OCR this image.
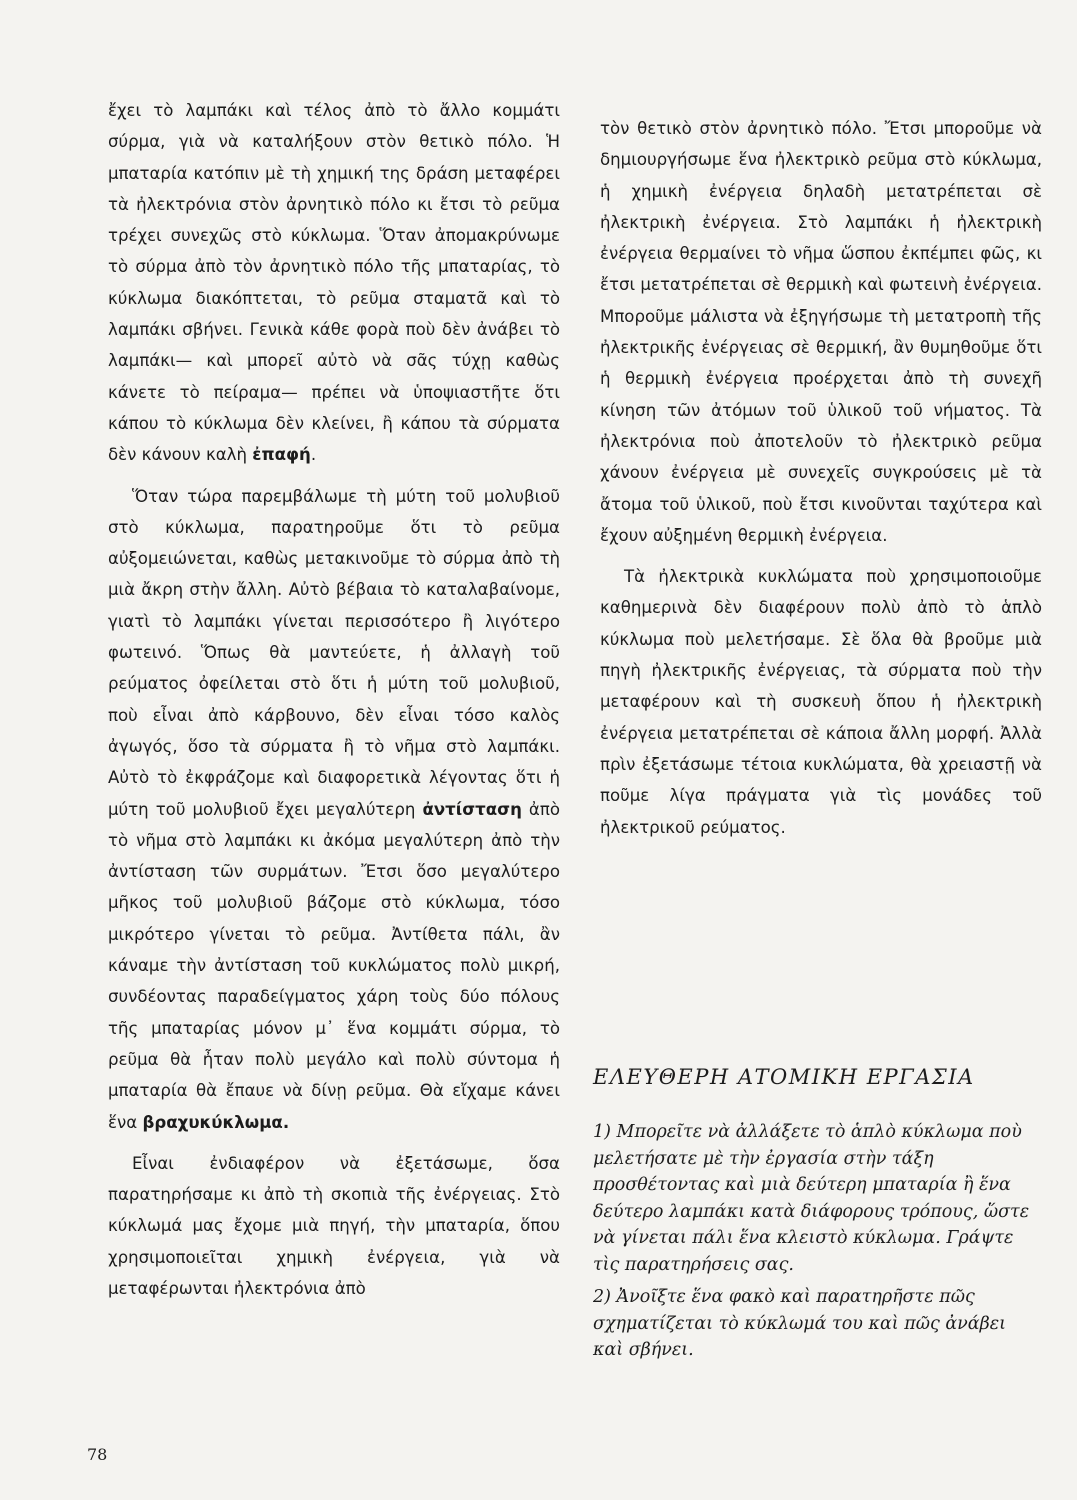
ἔχει τὸ λαμπάκι καὶ τέλος ἀπὸ τὸ ἄλλο κομμάτι σύρμα, γιὰ νὰ καταλήξουν στὸν θετικὸ πόλο. Ἡ μπαταρία κατόπιν μὲ τὴ χημική της δράση μεταφέρει τὰ ἠλεκτρόνια στὸν ἀρνητικὸ πόλο κι ἔτσι τὸ ρεῦμα τρέχει συνεχῶς στὸ κύκλωμα. Ὅταν ἀπομακρύνωμε τὸ σύρμα ἀπὸ τὸν ἀρνητικὸ πόλο τῆς μπαταρίας, τὸ κύκλωμα διακόπτεται, τὸ ρεῦμα σταματᾶ καὶ τὸ λαμπάκι σβήνει. Γενικὰ κάθε φορὰ ποὺ δὲν ἀνάβει τὸ λαμπάκι— καὶ μπορεῖ αὐτὸ νὰ σᾶς τύχῃ καθὼς κάνετε τὸ πείραμα— πρέπει νὰ ὑποψιαστῆτε ὅτι κάπου τὸ κύκλωμα δὲν κλείνει, ἢ κάπου τὰ σύρματα δὲν κάνουν καλὴ ἐπαφή.

Ὅταν τώρα παρεμβάλωμε τὴ μύτη τοῦ μολυβιοῦ στὸ κύκλωμα, παρατηροῦμε ὅτι τὸ ρεῦμα αὐξομειώνεται, καθὼς μετακινοῦμε τὸ σύρμα ἀπὸ τὴ μιὰ ἄκρη στὴν ἄλλη. Αὐτὸ βέβαια τὸ καταλαβαίνομε, γιατὶ τὸ λαμπάκι γίνεται περισσότερο ἢ λιγότερο φωτεινό. Ὅπως θὰ μαντεύετε, ἡ ἀλλαγὴ τοῦ ρεύματος ὀφείλεται στὸ ὅτι ἡ μύτη τοῦ μολυβιοῦ, ποὺ εἶναι ἀπὸ κάρβουνο, δὲν εἶναι τόσο καλὸς ἀγωγός, ὅσο τὰ σύρματα ἢ τὸ νῆμα στὸ λαμπάκι. Αὐτὸ τὸ ἐκφράζομε καὶ διαφορετικὰ λέγοντας ὅτι ἡ μύτη τοῦ μολυβιοῦ ἔχει μεγαλύτερη ἀντίσταση ἀπὸ τὸ νῆμα στὸ λαμπάκι κι ἀκόμα μεγαλύτερη ἀπὸ τὴν ἀντίσταση τῶν συρμάτων. Ἔτσι ὅσο μεγαλύτερο μῆκος τοῦ μολυβιοῦ βάζομε στὸ κύκλωμα, τόσο μικρότερο γίνεται τὸ ρεῦμα. Ἀντίθετα πάλι, ἂν κάναμε τὴν ἀντίσταση τοῦ κυκλώματος πολὺ μικρή, συνδέοντας παραδείγματος χάρη τοὺς δύο πόλους τῆς μπαταρίας μόνον μ᾿ ἕνα κομμάτι σύρμα, τὸ ρεῦμα θὰ ἦταν πολὺ μεγάλο καὶ πολὺ σύντομα ἡ μπαταρία θὰ ἔπαυε νὰ δίνῃ ρεῦμα. Θὰ εἴχαμε κάνει ἕνα βραχυκύκλωμα.

Εἶναι ἐνδιαφέρον νὰ ἐξετάσωμε, ὅσα παρατηρήσαμε κι ἀπὸ τὴ σκοπιὰ τῆς ἐνέργειας. Στὸ κύκλωμά μας ἔχομε μιὰ πηγή, τὴν μπαταρία, ὅπου χρησιμοποιεῖται χημικὴ ἐνέργεια, γιὰ νὰ μεταφέρωνται ἠλεκτρόνια ἀπὸ

τὸν θετικὸ στὸν ἀρνητικὸ πόλο. Ἔτσι μποροῦμε νὰ δημιουργήσωμε ἕνα ἠλεκτρικὸ ρεῦμα στὸ κύκλωμα, ἡ χημικὴ ἐνέργεια δηλαδὴ μετατρέπεται σὲ ἠλεκτρικὴ ἐνέργεια. Στὸ λαμπάκι ἡ ἠλεκτρικὴ ἐνέργεια θερμαίνει τὸ νῆμα ὥσπου ἐκπέμπει φῶς, κι ἔτσι μετατρέπεται σὲ θερμικὴ καὶ φωτεινὴ ἐνέργεια. Μποροῦμε μάλιστα νὰ ἐξηγήσωμε τὴ μετατροπὴ τῆς ἠλεκτρικῆς ἐνέργειας σὲ θερμική, ἂν θυμηθοῦμε ὅτι ἡ θερμικὴ ἐνέργεια προέρχεται ἀπὸ τὴ συνεχῆ κίνηση τῶν ἀτόμων τοῦ ὑλικοῦ τοῦ νήματος. Τὰ ἠλεκτρόνια ποὺ ἀποτελοῦν τὸ ἠλεκτρικὸ ρεῦμα χάνουν ἐνέργεια μὲ συνεχεῖς συγκρούσεις μὲ τὰ ἄτομα τοῦ ὑλικοῦ, ποὺ ἔτσι κινοῦνται ταχύτερα καὶ ἔχουν αὐξημένη θερμικὴ ἐνέργεια.

Τὰ ἠλεκτρικὰ κυκλώματα ποὺ χρησιμοποιοῦμε καθημερινὰ δὲν διαφέρουν πολὺ ἀπὸ τὸ ἁπλὸ κύκλωμα ποὺ μελετήσαμε. Σὲ ὅλα θὰ βροῦμε μιὰ πηγὴ ἠλεκτρικῆς ἐνέργειας, τὰ σύρματα ποὺ τὴν μεταφέρουν καὶ τὴ συσκευὴ ὅπου ἡ ἠλεκτρικὴ ἐνέργεια μετατρέπεται σὲ κάποια ἄλλη μορφή. Ἀλλὰ πρὶν ἐξετάσωμε τέτοια κυκλώματα, θὰ χρειαστῇ νὰ ποῦμε λίγα πράγματα γιὰ τὶς μονάδες τοῦ ἠλεκτρικοῦ ρεύματος.

ΕΛΕΥΘΕΡΗ ΑΤΟΜΙΚΗ ΕΡΓΑΣΙΑ

1) Μπορεῖτε νὰ ἀλλάξετε τὸ ἁπλὸ κύκλωμα ποὺ μελετήσατε μὲ τὴν ἐργασία στὴν τάξη προσθέτοντας καὶ μιὰ δεύτερη μπαταρία ἢ ἕνα δεύτερο λαμπάκι κατὰ διάφορους τρόπους, ὥστε νὰ γίνεται πάλι ἕνα κλειστὸ κύκλωμα. Γράψτε τὶς παρατηρήσεις σας.

2) Ἀνοῖξτε ἕνα φακὸ καὶ παρατηρῆστε πῶς σχηματίζεται τὸ κύκλωμά του καὶ πῶς ἀνάβει καὶ σβήνει.

78
